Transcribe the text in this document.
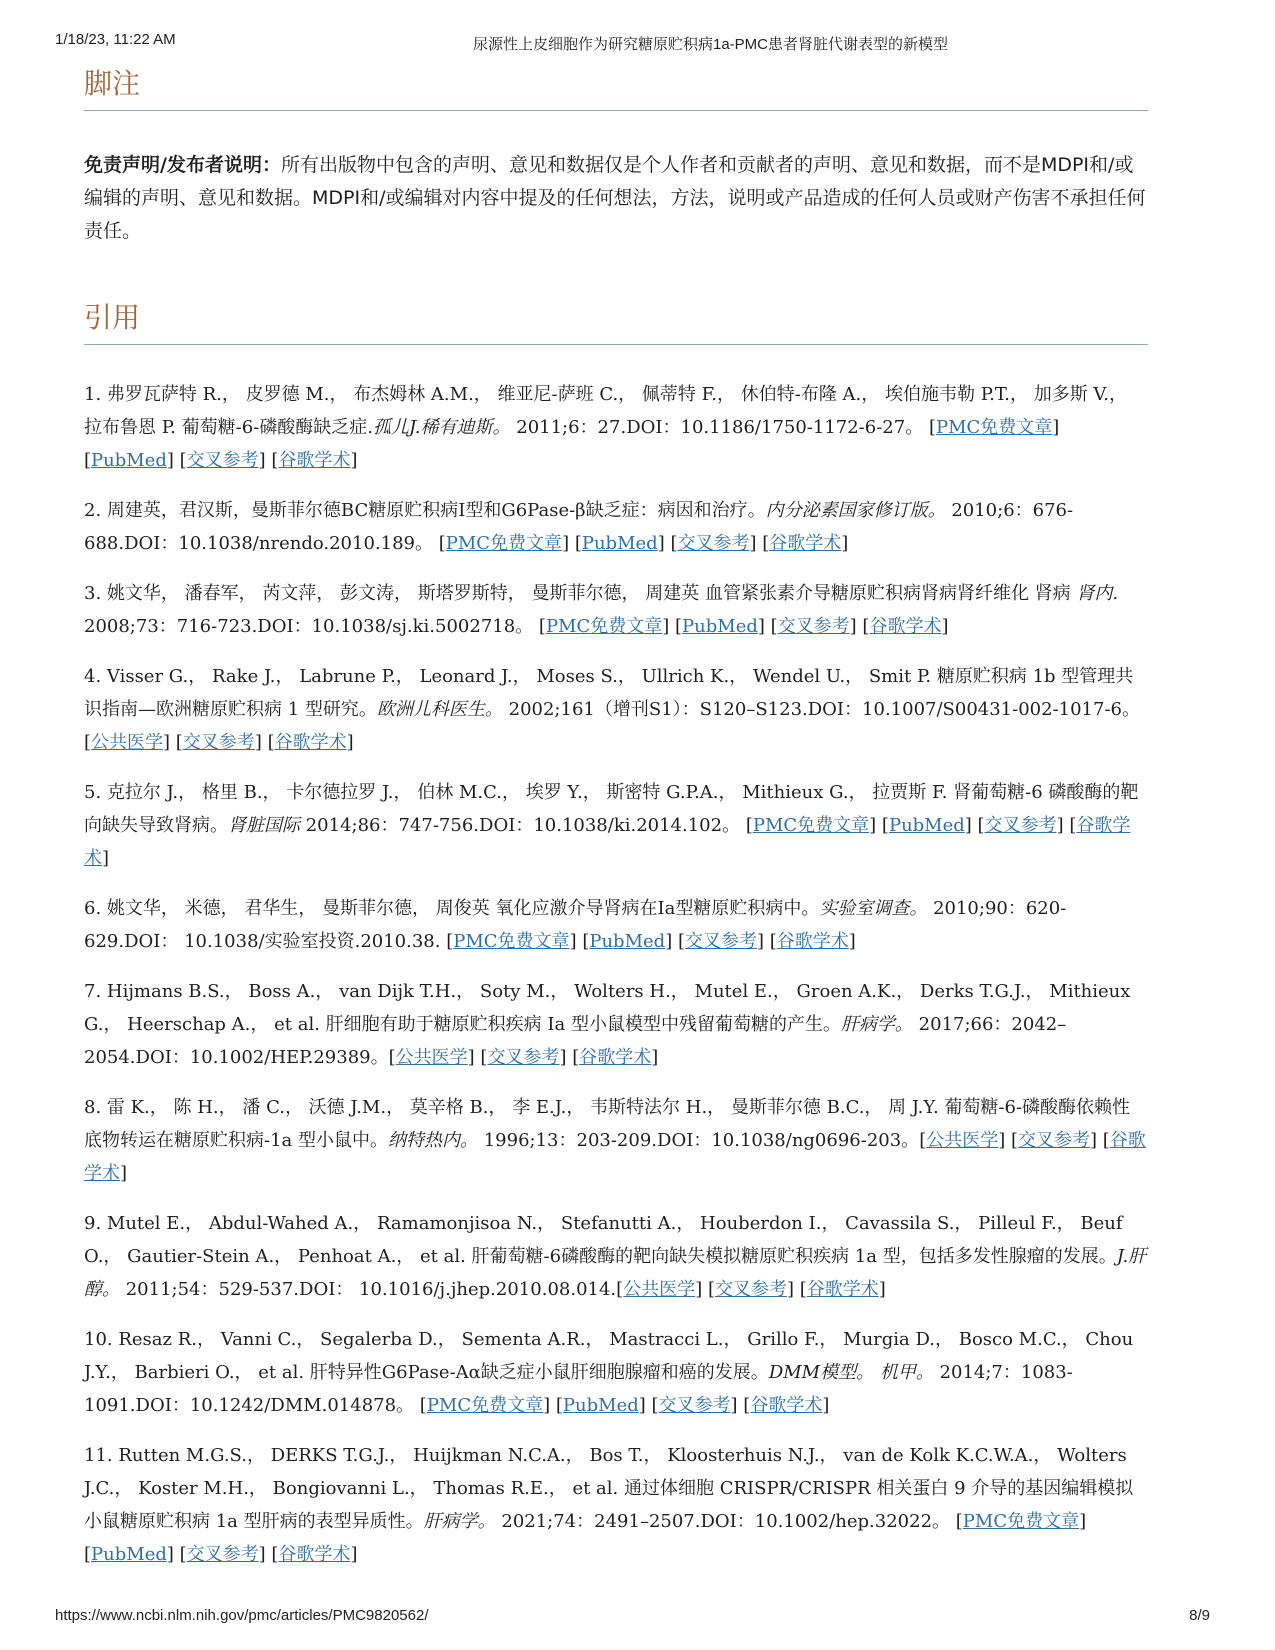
1/18/23, 11:22 AM	尿源性上皮细胞作为研究糖原贮积病1a-PMC患者肾脏代谢表型的新模型
脚注

免责声明/发布者说明：所有出版物中包含的声明、意见和数据仅是个人作者和贡献者的声明、意见和数据，而不是MDPI和/或编辑的声明、意见和数据。MDPI和/或编辑对内容中提及的任何想法，方法，说明或产品造成的任何人员或财产伤害不承担任何责任。

引用
1. 弗罗瓦萨特 R.， 皮罗德 M.， 布杰姆林 A.M.， 维亚尼-萨班 C.， 佩蒂特 F.， 休伯特-布隆 A.， 埃伯施韦勒 P.T.， 加多斯 V.， 拉布鲁恩 P. 葡萄糖-6-磷酸酶缺乏症.孤儿J.稀有迪斯。 2011;6：27.DOI：10.1186/1750-1172-6-27。 [PMC免费文章] [PubMed] [交叉参考] [谷歌学术]
2. 周建英，君汉斯，曼斯菲尔德BC糖原贮积病I型和G6Pase-β缺乏症：病因和治疗。内分泌素国家修订版。 2010;6：676-688.DOI：10.1038/nrendo.2010.189。 [PMC免费文章] [PubMed] [交叉参考] [谷歌学术]
3. 姚文华， 潘春军， 芮文萍， 彭文涛， 斯塔罗斯特， 曼斯菲尔德， 周建英 血管紧张素介导糖原贮积病肾病肾纤维化 肾病 肾内. 2008;73：716-723.DOI：10.1038/sj.ki.5002718。 [PMC免费文章] [PubMed] [交叉参考] [谷歌学术]
4. Visser G.， Rake J.， Labrune P.， Leonard J.， Moses S.， Ullrich K.， Wendel U.， Smit P. 糖原贮积病 1b 型管理共识指南—欧洲糖原贮积病 1 型研究。欧洲儿科医生。 2002;161（增刊S1）：S120–S123.DOI：10.1007/S00431-002-1017-6。[公共医学] [交叉参考] [谷歌学术]
5. 克拉尔 J.， 格里 B.， 卡尔德拉罗 J.， 伯林 M.C.， 埃罗 Y.， 斯密特 G.P.A.， Mithieux G.， 拉贾斯 F. 肾葡萄糖-6 磷酸酶的靶向缺失导致肾病。肾脏国际 2014;86：747-756.DOI：10.1038/ki.2014.102。 [PMC免费文章] [PubMed] [交叉参考] [谷歌学术]
6. 姚文华， 米德， 君华生， 曼斯菲尔德， 周俊英 氧化应激介导肾病在Ia型糖原贮积病中。实验室调查。 2010;90：620-629.DOI： 10.1038/实验室投资.2010.38. [PMC免费文章] [PubMed] [交叉参考] [谷歌学术]
7. Hijmans B.S.， Boss A.， van Dijk T.H.， Soty M.， Wolters H.， Mutel E.， Groen A.K.， Derks T.G.J.， Mithieux G.， Heerschap A.， et al. 肝细胞有助于糖原贮积疾病 Ia 型小鼠模型中残留葡萄糖的产生。肝病学。 2017;66：2042–2054.DOI：10.1002/HEP.29389。[公共医学] [交叉参考] [谷歌学术]
8. 雷 K.， 陈 H.， 潘 C.， 沃德 J.M.， 莫辛格 B.， 李 E.J.， 韦斯特法尔 H.， 曼斯菲尔德 B.C.， 周 J.Y. 葡萄糖-6-磷酸酶依赖性底物转运在糖原贮积病-1a 型小鼠中。纳特热内。 1996;13：203-209.DOI：10.1038/ng0696-203。[公共医学] [交叉参考] [谷歌学术]
9. Mutel E.， Abdul-Wahed A.， Ramamonjisoa N.， Stefanutti A.， Houberdon I.， Cavassila S.， Pilleul F.， Beuf O.， Gautier-Stein A.， Penhoat A.， et al. 肝葡萄糖-6磷酸酶的靶向缺失模拟糖原贮积疾病 1a 型，包括多发性腺瘤的发展。J.肝醇。 2011;54：529-537.DOI： 10.1016/j.jhep.2010.08.014.[公共医学] [交叉参考] [谷歌学术]
10. Resaz R.， Vanni C.， Segalerba D.， Sementa A.R.， Mastracci L.， Grillo F.， Murgia D.， Bosco M.C.， Chou J.Y.， Barbieri O.， et al. 肝特异性G6Pase-Aα缺乏症小鼠肝细胞腺瘤和癌的发展。DMM模型。 机甲。 2014;7：1083-1091.DOI：10.1242/DMM.014878。 [PMC免费文章] [PubMed] [交叉参考] [谷歌学术]
11. Rutten M.G.S.， DERKS T.G.J.， Huijkman N.C.A.， Bos T.， Kloosterhuis N.J.， van de Kolk K.C.W.A.， Wolters J.C.， Koster M.H.， Bongiovanni L.， Thomas R.E.， et al. 通过体细胞 CRISPR/CRISPR 相关蛋白 9 介导的基因编辑模拟小鼠糖原贮积病 1a 型肝病的表型异质性。肝病学。 2021;74：2491–2507.DOI：10.1002/hep.32022。 [PMC免费文章] [PubMed] [交叉参考] [谷歌学术]
https://www.ncbi.nlm.nih.gov/pmc/articles/PMC9820562/	8/9
